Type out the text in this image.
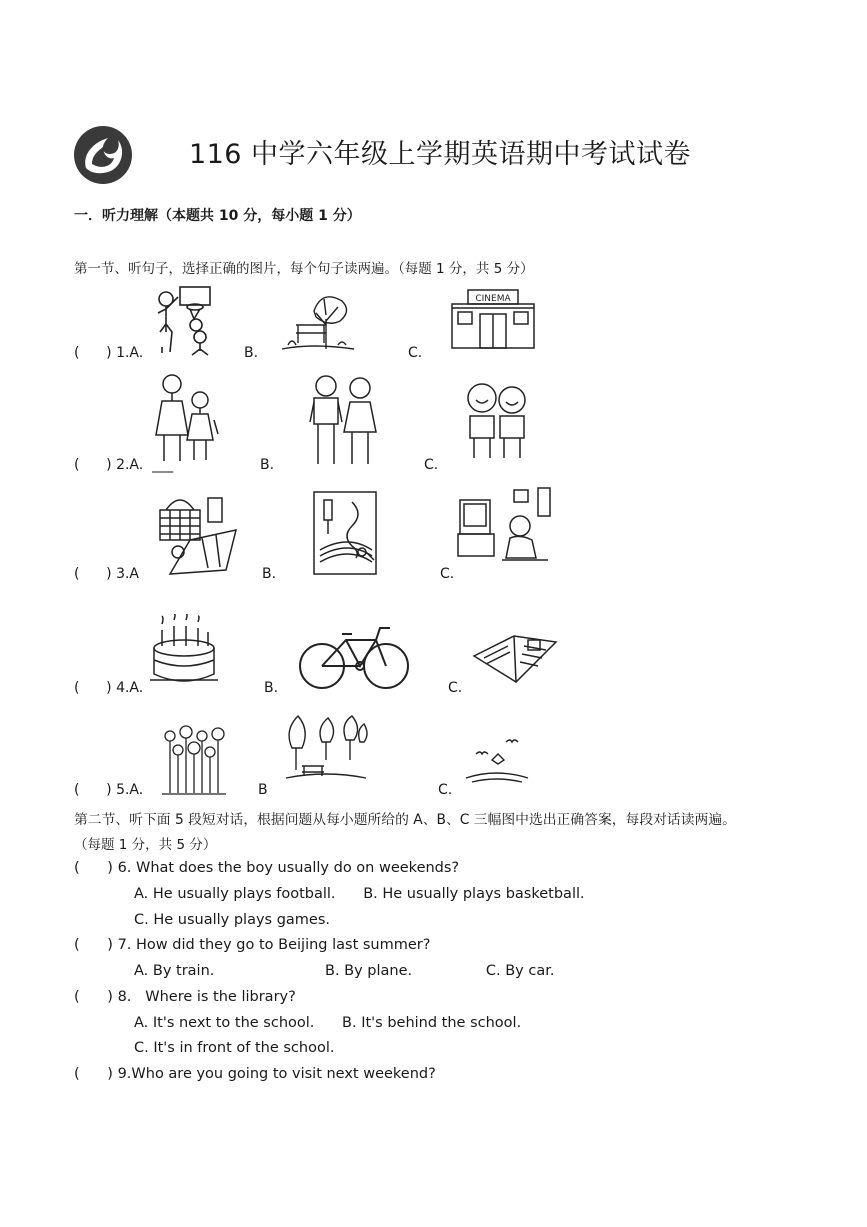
116 中学六年级上学期英语期中考试试卷
一．听力理解（本题共 10 分，每小题 1 分）
第一节、听句子，选择正确的图片，每个句子读两遍。（每题 1 分，共 5 分）
(      ) 1.A.	B.	C.
CINEMA
(      ) 2.A.  ___	B.	C.
(      ) 3.A	B.	C.
(      ) 4.A.	B.	C.
(      ) 5.A.	B	C.
第二节、听下面 5 段短对话，根据问题从每小题所给的 A、B、C 三幅图中选出正确答案，每段对话读两遍。
（每题 1 分，共 5 分）
(      ) 6. What does the boy usually do on weekends?
A. He usually plays football.      B. He usually plays basketball.
C. He usually plays games.
(      ) 7. How did they go to Beijing last summer?
A. By train.                        B. By plane.                C. By car.
(      ) 8.   Where is the library?
A. It's next to the school.      B. It's behind the school.
C. It's in front of the school.
(      ) 9.Who are you going to visit next weekend?
